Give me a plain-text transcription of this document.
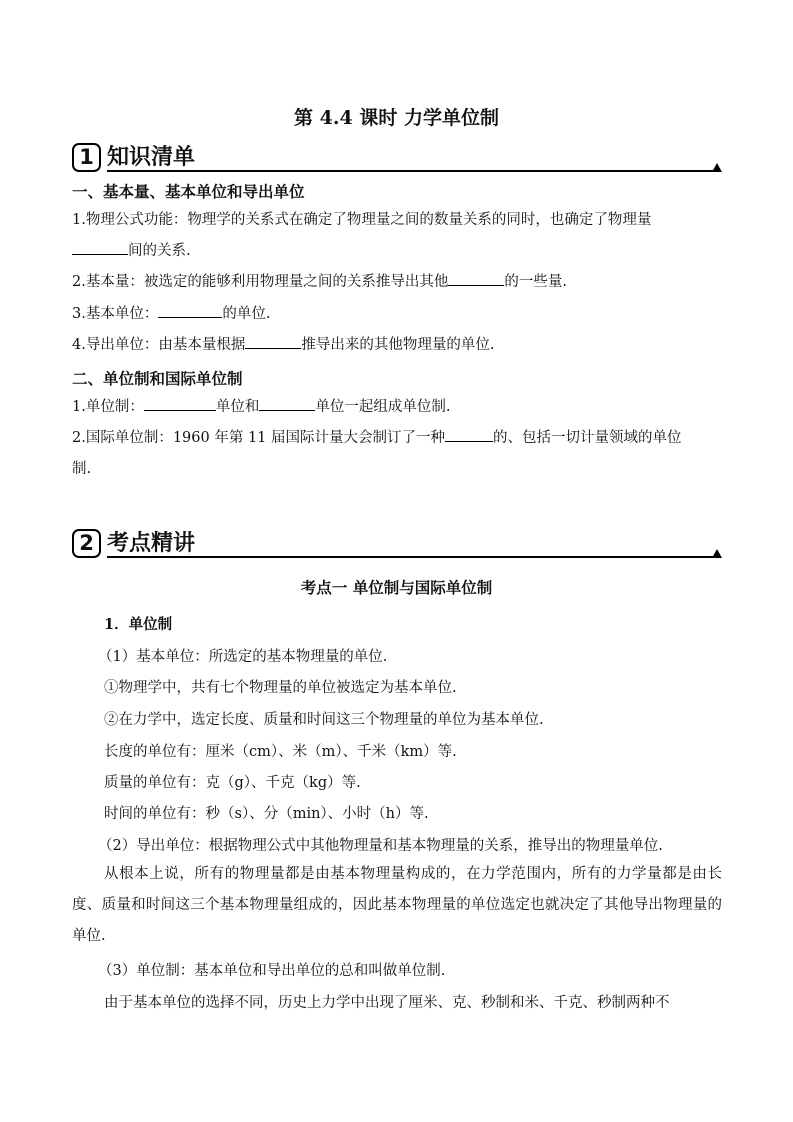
第 4.4 课时 力学单位制
1 知识清单
一、基本量、基本单位和导出单位
1.物理公式功能：物理学的关系式在确定了物理量之间的数量关系的同时，也确定了物理量
间的关系.
2.基本量：被选定的能够利用物理量之间的关系推导出其他	的一些量.
3.基本单位：	的单位.
4.导出单位：由基本量根据	推导出来的其他物理量的单位.
二、单位制和国际单位制
1.单位制：	单位和	单位一起组成单位制.
2.国际单位制：1960 年第 11 届国际计量大会制订了一种	的、包括一切计量领域的单位
制.
2 考点精讲
考点一 单位制与国际单位制
1．单位制
（1）基本单位：所选定的基本物理量的单位.
①物理学中，共有七个物理量的单位被选定为基本单位.
②在力学中，选定长度、质量和时间这三个物理量的单位为基本单位.
长度的单位有：厘米（cm）、米（m）、千米（km）等.
质量的单位有：克（g）、千克（kg）等.
时间的单位有：秒（s）、分（min）、小时（h）等.
（2）导出单位：根据物理公式中其他物理量和基本物理量的关系，推导出的物理量单位.
从根本上说，所有的物理量都是由基本物理量构成的，在力学范围内，所有的力学量都是由长度、质量和时间这三个基本物理量组成的，因此基本物理量的单位选定也就决定了其他导出物理量的单位.
（3）单位制：基本单位和导出单位的总和叫做单位制.
由于基本单位的选择不同，历史上力学中出现了厘米、克、秒制和米、千克、秒制两种不
